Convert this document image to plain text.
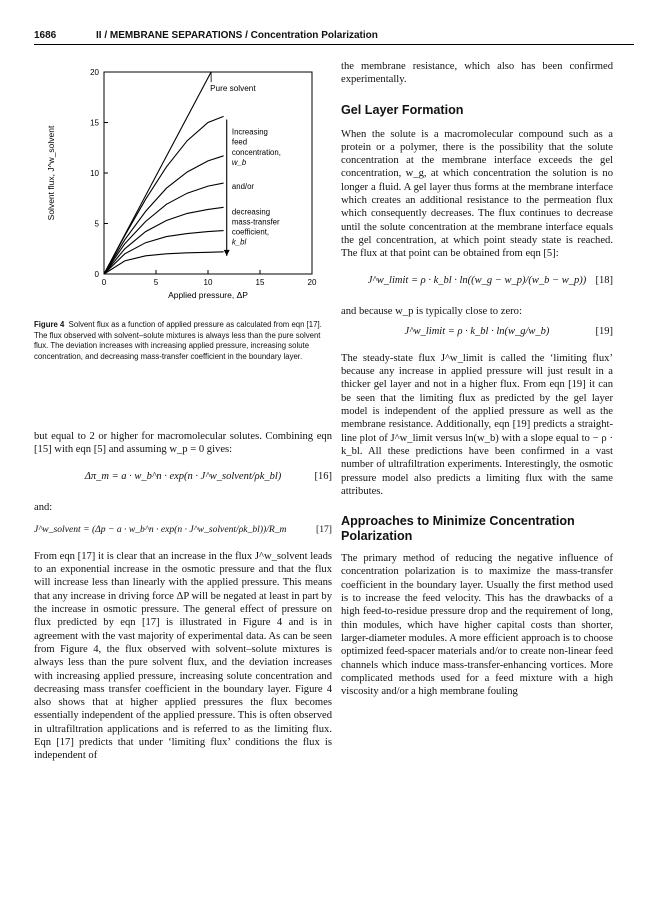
1686	II / MEMBRANE SEPARATIONS / Concentration Polarization
0	5	10	15	20
0
5
10
15
20
Applied pressure, ΔP
Solvent flux, J^w_solvent
Pure solvent
Increasing
feed
concentration,
w_b
and/or
decreasing
mass-transfer
coefficient,
k_bl
Figure 4 Solvent flux as a function of applied pressure as calculated from eqn [17]. The flux observed with solvent–solute mixtures is always less than the pure solvent flux. The deviation increases with increasing applied pressure, increasing solute concentration, and decreasing mass-transfer coefficient in the boundary layer.

but equal to 2 or higher for macromolecular solutes. Combining eqn [15] with eqn [5] and assuming w_p = 0 gives:

Δπ_m = a · w_b^n · exp(n · J^w_solvent/ρk_bl)	[16]

and:

J^w_solvent = (Δp − a · w_b^n · exp(n · J^w_solvent/ρk_bl))/R_m	[17]

From eqn [17] it is clear that an increase in the flux J^w_solvent leads to an exponential increase in the osmotic pressure and that the flux will increase less than linearly with the applied pressure. This means that any increase in driving force ΔP will be negated at least in part by the increase in osmotic pressure. The general effect of pressure on flux predicted by eqn [17] is illustrated in Figure 4 and is in agreement with the vast majority of experimental data. As can be seen from Figure 4, the flux observed with solvent–solute mixtures is always less than the pure solvent flux, and the deviation increases with increasing applied pressure, increasing solute concentration and decreasing mass transfer coefficient in the boundary layer. Figure 4 also shows that at higher applied pressures the flux becomes essentially independent of the applied pressure. This is often observed in ultrafiltration applications and is referred to as the limiting flux. Eqn [17] predicts that under ‘limiting flux’ conditions the flux is independent of

the membrane resistance, which also has been confirmed experimentally.

Gel Layer Formation

When the solute is a macromolecular compound such as a protein or a polymer, there is the possibility that the solute concentration at the membrane interface exceeds the gel concentration, w_g, at which concentration the solution is no longer a fluid. A gel layer thus forms at the membrane interface which creates an additional resistance to the permeation flux which consequently decreases. The flux continues to decrease until the solute concentration at the membrane interface equals the gel concentration, at which point steady state is reached. The flux at that point can be obtained from eqn [5]:

J^w_limit = ρ · k_bl · ln((w_g − w_p)/(w_b − w_p)) [18]

and because w_p is typically close to zero:

J^w_limit = ρ · k_bl · ln(w_g/w_b)	[19]

The steady-state flux J^w_limit is called the ‘limiting flux’ because any increase in applied pressure will just result in a thicker gel layer and not in a higher flux. From eqn [19] it can be seen that the limiting flux as predicted by the gel layer model is independent of the applied pressure as well as the membrane resistance. Additionally, eqn [19] predicts a straight-line plot of J^w_limit versus ln(w_b) with a slope equal to − ρ · k_bl. All these predictions have been confirmed in a vast number of ultrafiltration experiments. Interestingly, the osmotic pressure model also predicts a limiting flux with the same attributes.

Approaches to Minimize Concentration Polarization

The primary method of reducing the negative influence of concentration polarization is to maximize the mass-transfer coefficient in the boundary layer. Usually the first method used is to increase the feed velocity. This has the drawbacks of a high feed-to-residue pressure drop and the requirement of long, thin modules, which have higher capital costs than shorter, larger-diameter modules. A more efficient approach is to choose optimized feed-spacer materials and/or to create non-linear feed channels which induce mass-transfer-enhancing vortices. More complicated methods used for a feed mixture with a high viscosity and/or a high membrane fouling
